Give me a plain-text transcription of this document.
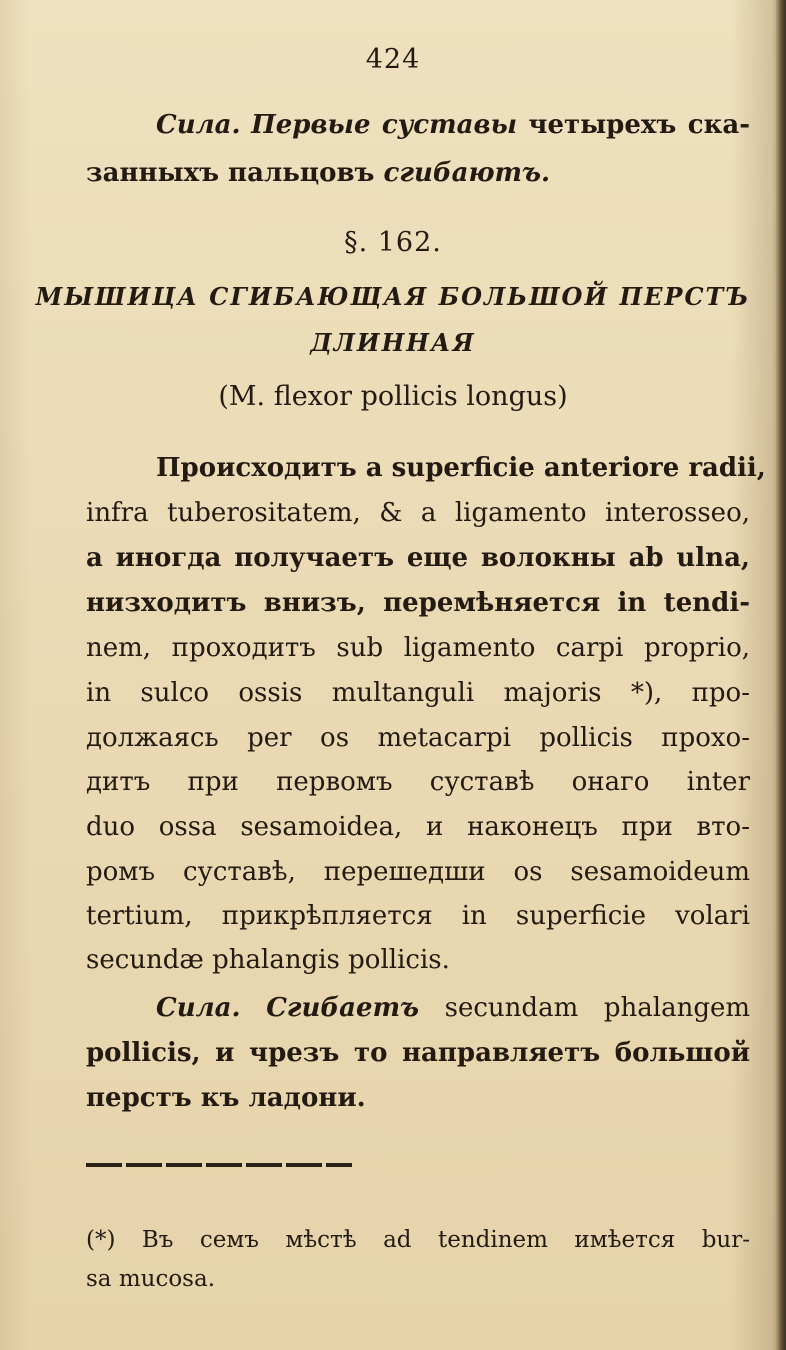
424
Сила. Первые суставы четырехъ ска-
занныхъ пальцовъ сгибаютъ.
§. 162.
МЫШИЦА СГИБАЮЩАЯ БОЛЬШОЙ ПЕРСТЪ
ДЛИННАЯ
(M. flexor pollicis longus)
Происходитъ a superficie anteriore radii,
infra tuberositatem, & a ligamento interosseo,
а иногда получаетъ еще волокны ab ulna,
низходитъ внизъ, перемѣняется in tendi-
nem, проходитъ sub ligamento carpi proprio,
in sulco ossis multanguli majoris *), про-
должаясь per os metacarpi pollicis прохо-
дитъ при первомъ суставѣ онаго inter
duo ossa sesamoidea, и наконецъ при вто-
ромъ суставѣ, перешедши os sesamoideum
tertium, прикрѣпляется in superficie volari
secundæ phalangis pollicis.
Сила. Сгибаетъ secundam phalangem
pollicis, и чрезъ то направляетъ большой
перстъ къ ладони.
(*) Въ семъ мѣстѣ ad tendinem имѣется bur-
sa mucosa.
